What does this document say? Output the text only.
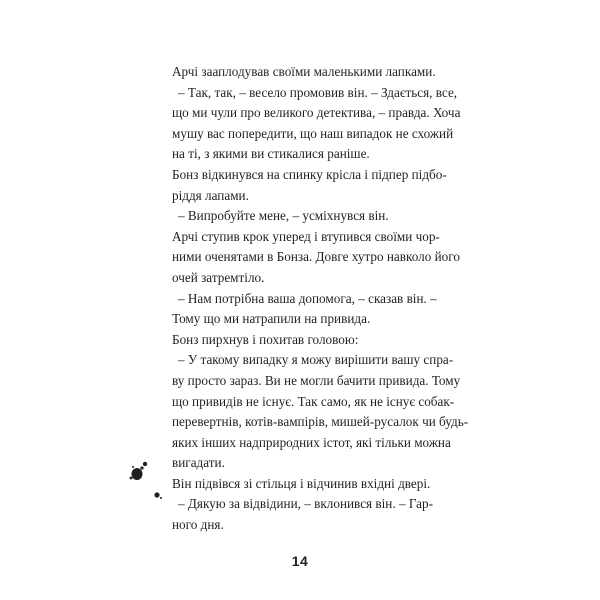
Арчі зааплодував своїми маленькими лапками.

– Так, так, – весело промовив він. – Здається, все,
що ми чули про великого детектива, – правда. Хоча
мушу вас попередити, що наш випадок не схожий
на ті, з якими ви стикалися раніше.

Бонз відкинувся на спинку крісла і підпер підбо-
ріддя лапами.

– Випробуйте мене, – усміхнувся він.

Арчі ступив крок уперед і втупився своїми чор-
ними оченятами в Бонза. Довге хутро навколо його
очей затремтіло.

– Нам потрібна ваша допомога, – сказав він. –
Тому що ми натрапили на привида.

Бонз пирхнув і похитав головою:

– У такому випадку я можу вирішити вашу спра-
ву просто зараз. Ви не могли бачити привида. Тому
що привидів не існує. Так само, як не існує собак-
перевертнів, котів-вампірів, мишей-русалок чи будь-
яких інших надприродних істот, які тільки можна
вигадати.

Він підвівся зі стільця і відчинив вхідні двері.

– Дякую за відвідини, – вклонився він. – Гар-
ного дня.

14
